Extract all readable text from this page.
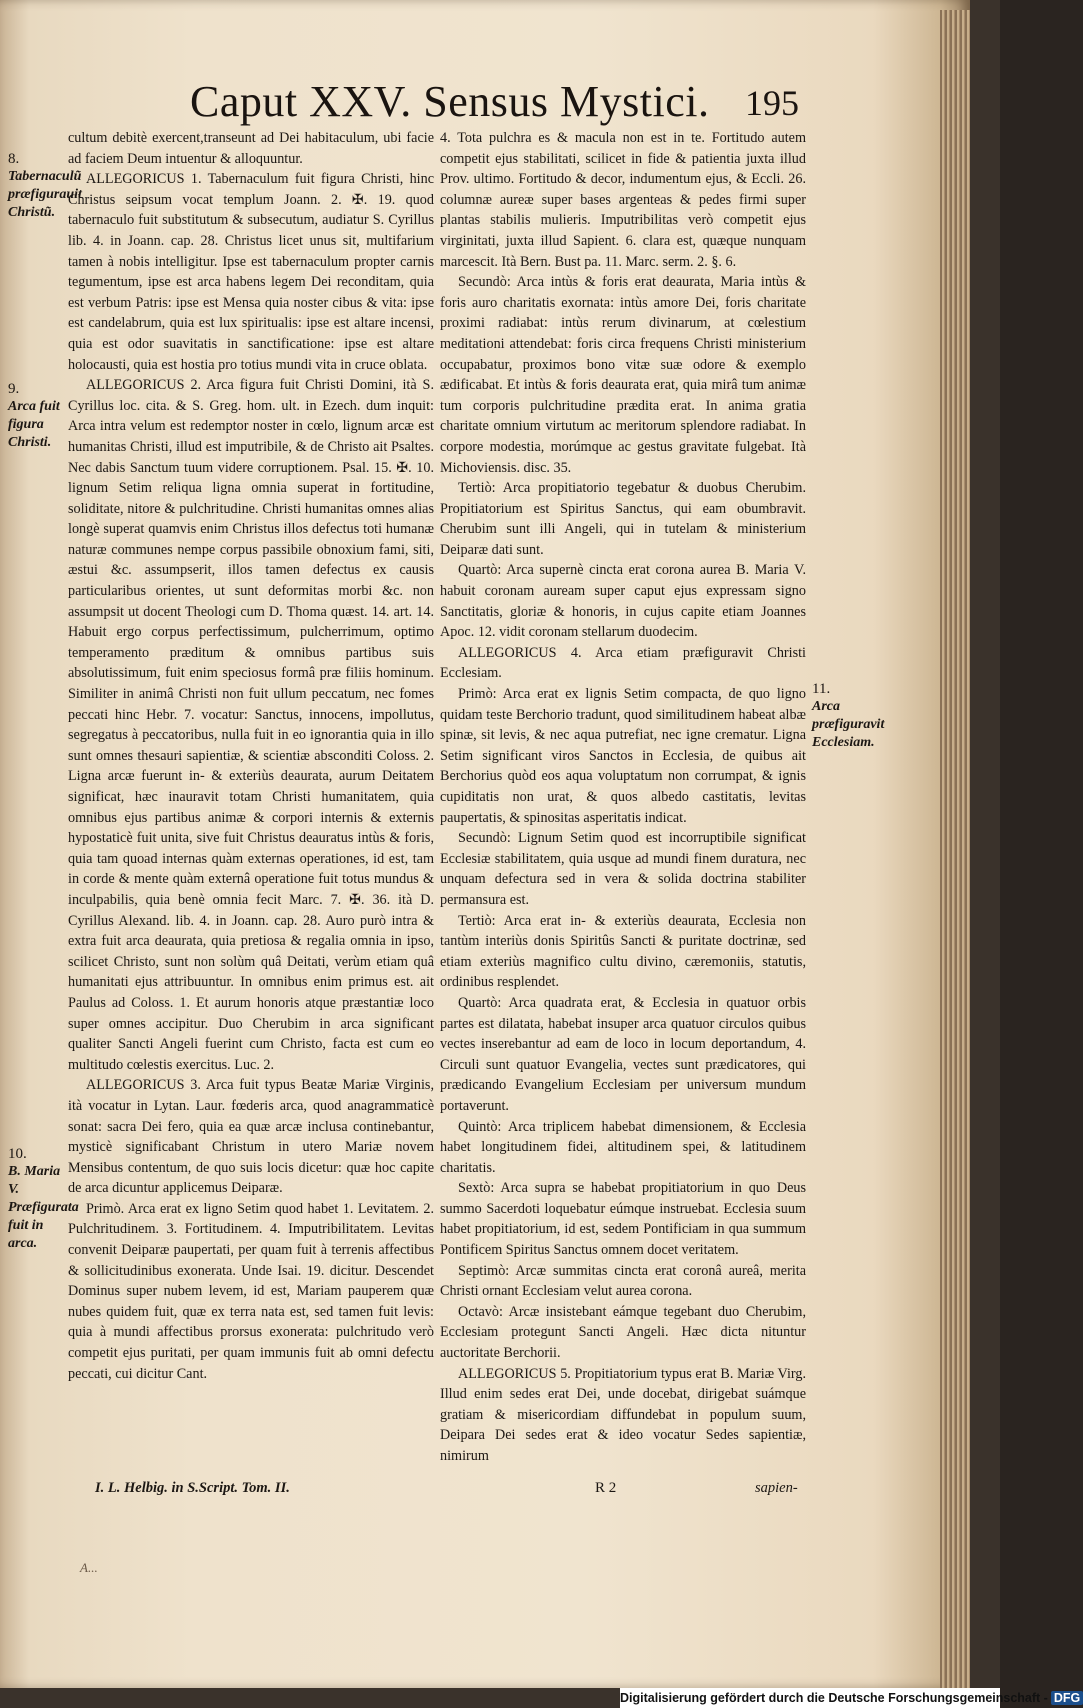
Caput XXV. Sensus Mystici. 195
8.
Tabernaculũ præfigurauit Christũ.
9.
Arca fuit figura Christi.
10.
B. Maria V. Præfigurata fuit in arca.
11.
Arca præfiguravit Ecclesiam.

cultum debitè exercent,transeunt ad Dei habitaculum, ubi facie ad faciem Deum intuentur & alloquuntur.

ALLEGORICUS 1. Tabernaculum fuit figura Christi, hinc Christus seipsum vocat templum Joann. 2. ✠. 19. quod tabernaculo fuit substitutum & subsecutum, audiatur S. Cyrillus lib. 4. in Joann. cap. 28. Christus licet unus sit, multifarium tamen à nobis intelligitur. Ipse est tabernaculum propter carnis tegumentum, ipse est arca habens legem Dei reconditam, quia est verbum Patris: ipse est Mensa quia noster cibus & vita: ipse est candelabrum, quia est lux spiritualis: ipse est altare incensi, quia est odor suavitatis in sanctificatione: ipse est altare holocausti, quia est hostia pro totius mundi vita in cruce oblata.

ALLEGORICUS 2. Arca figura fuit Christi Domini, ità S. Cyrillus loc. cita. & S. Greg. hom. ult. in Ezech. dum inquit: Arca intra velum est redemptor noster in cœlo, lignum arcæ est humanitas Christi, illud est imputribile, & de Christo ait Psaltes. Nec dabis Sanctum tuum videre corruptionem. Psal. 15. ✠. 10. lignum Setim reliqua ligna omnia superat in fortitudine, soliditate, nitore & pulchritudine. Christi humanitas omnes alias longè superat quamvis enim Christus illos defectus toti humanæ naturæ communes nempe corpus passibile obnoxium fami, siti, æstui &c. assumpserit, illos tamen defectus ex causis particularibus orientes, ut sunt deformitas morbi &c. non assumpsit ut docent Theologi cum D. Thoma quæst. 14. art. 14. Habuit ergo corpus perfectissimum, pulcherrimum, optimo temperamento præditum & omnibus partibus suis absolutissimum, fuit enim speciosus formâ præ filiis hominum. Similiter in animâ Christi non fuit ullum peccatum, nec fomes peccati hinc Hebr. 7. vocatur: Sanctus, innocens, impollutus, segregatus à peccatoribus, nulla fuit in eo ignorantia quia in illo sunt omnes thesauri sapientiæ, & scientiæ absconditi Coloss. 2. Ligna arcæ fuerunt in- & exteriùs deaurata, aurum Deitatem significat, hæc inauravit totam Christi humanitatem, quia omnibus ejus partibus animæ & corpori internis & externis hypostaticè fuit unita, sive fuit Christus deauratus intùs & foris, quia tam quoad internas quàm externas operationes, id est, tam in corde & mente quàm externâ operatione fuit totus mundus & inculpabilis, quia benè omnia fecit Marc. 7. ✠. 36. ità D. Cyrillus Alexand. lib. 4. in Joann. cap. 28. Auro purò intra & extra fuit arca deaurata, quia pretiosa & regalia omnia in ipso, scilicet Christo, sunt non solùm quâ Deitati, verùm etiam quâ humanitati ejus attribuuntur. In omnibus enim primus est. ait Paulus ad Coloss. 1. Et aurum honoris atque præstantiæ loco super omnes accipitur. Duo Cherubim in arca significant qualiter Sancti Angeli fuerint cum Christo, facta est cum eo multitudo cœlestis exercitus. Luc. 2.

ALLEGORICUS 3. Arca fuit typus Beatæ Mariæ Virginis, ità vocatur in Lytan. Laur. fœderis arca, quod anagrammaticè sonat: sacra Dei fero, quia ea quæ arcæ inclusa continebantur, mysticè significabant Christum in utero Mariæ novem Mensibus contentum, de quo suis locis dicetur: quæ hoc capite de arca dicuntur applicemus Deiparæ.

Primò. Arca erat ex ligno Setim quod habet 1. Levitatem. 2. Pulchritudinem. 3. Fortitudinem. 4. Imputribilitatem. Levitas convenit Deiparæ paupertati, per quam fuit à terrenis affectibus & sollicitudinibus exonerata. Unde Isai. 19. dicitur. Descendet Dominus super nubem levem, id est, Mariam pauperem quæ nubes quidem fuit, quæ ex terra nata est, sed tamen fuit levis: quia à mundi affectibus prorsus exonerata: pulchritudo verò competit ejus puritati, per quam immunis fuit ab omni defectu peccati, cui dicitur Cant.

4. Tota pulchra es & macula non est in te. Fortitudo autem competit ejus stabilitati, scilicet in fide & patientia juxta illud Prov. ultimo. Fortitudo & decor, indumentum ejus, & Eccli. 26. columnæ aureæ super bases argenteas & pedes firmi super plantas stabilis mulieris. Imputribilitas verò competit ejus virginitati, juxta illud Sapient. 6. clara est, quæque nunquam marcescit. Ità Bern. Bust pa. 11. Marc. serm. 2. §. 6.

Secundò: Arca intùs & foris erat deaurata, Maria intùs & foris auro charitatis exornata: intùs amore Dei, foris charitate proximi radiabat: intùs rerum divinarum, at cœlestium meditationi attendebat: foris circa frequens Christi ministerium occupabatur, proximos bono vitæ suæ odore & exemplo ædificabat. Et intùs & foris deaurata erat, quia mirâ tum animæ tum corporis pulchritudine prædita erat. In anima gratia charitate omnium virtutum ac meritorum splendore radiabat. In corpore modestia, morúmque ac gestus gravitate fulgebat. Ità Michoviensis. disc. 35.

Tertiò: Arca propitiatorio tegebatur & duobus Cherubim. Propitiatorium est Spiritus Sanctus, qui eam obumbravit. Cherubim sunt illi Angeli, qui in tutelam & ministerium Deiparæ dati sunt.

Quartò: Arca supernè cincta erat corona aurea B. Maria V. habuit coronam auream super caput ejus expressam signo Sanctitatis, gloriæ & honoris, in cujus capite etiam Joannes Apoc. 12. vidit coronam stellarum duodecim.

ALLEGORICUS 4. Arca etiam præfiguravit Christi Ecclesiam.

Primò: Arca erat ex lignis Setim compacta, de quo ligno quidam teste Berchorio tradunt, quod similitudinem habeat albæ spinæ, sit levis, & nec aqua putrefiat, nec igne crematur. Ligna Setim significant viros Sanctos in Ecclesia, de quibus ait Berchorius quòd eos aqua voluptatum non corrumpat, & ignis cupiditatis non urat, & quos albedo castitatis, levitas paupertatis, & spinositas asperitatis indicat.

Secundò: Lignum Setim quod est incorruptibile significat Ecclesiæ stabilitatem, quia usque ad mundi finem duratura, nec unquam defectura sed in vera & solida doctrina stabiliter permansura est.

Tertiò: Arca erat in- & exteriùs deaurata, Ecclesia non tantùm interiùs donis Spiritûs Sancti & puritate doctrinæ, sed etiam exteriùs magnifico cultu divino, cæremoniis, statutis, ordinibus resplendet.

Quartò: Arca quadrata erat, & Ecclesia in quatuor orbis partes est dilatata, habebat insuper arca quatuor circulos quibus vectes inserebantur ad eam de loco in locum deportandum, 4. Circuli sunt quatuor Evangelia, vectes sunt prædicatores, qui prædicando Evangelium Ecclesiam per universum mundum portaverunt.

Quintò: Arca triplicem habebat dimensionem, & Ecclesia habet longitudinem fidei, altitudinem spei, & latitudinem charitatis.

Sextò: Arca supra se habebat propitiatorium in quo Deus summo Sacerdoti loquebatur eúmque instruebat. Ecclesia suum habet propitiatorium, id est, sedem Pontificiam in qua summum Pontificem Spiritus Sanctus omnem docet veritatem.

Septimò: Arcæ summitas cincta erat coronâ aureâ, merita Christi ornant Ecclesiam velut aurea corona.

Octavò: Arcæ insistebant eámque tegebant duo Cherubim, Ecclesiam protegunt Sancti Angeli. Hæc dicta nituntur auctoritate Berchorii.

ALLEGORICUS 5. Propitiatorium typus erat B. Mariæ Virg. Illud enim sedes erat Dei, unde docebat, dirigebat suámque gratiam & misericordiam diffundebat in populum suum, Deipara Dei sedes erat & ideo vocatur Sedes sapientiæ, nimirum

I. L. Helbig. in S.Script. Tom. II.	R 2	sapien-
A...
Digitalisierung gefördert durch die Deutsche Forschungsgemeinschaft - DFG
